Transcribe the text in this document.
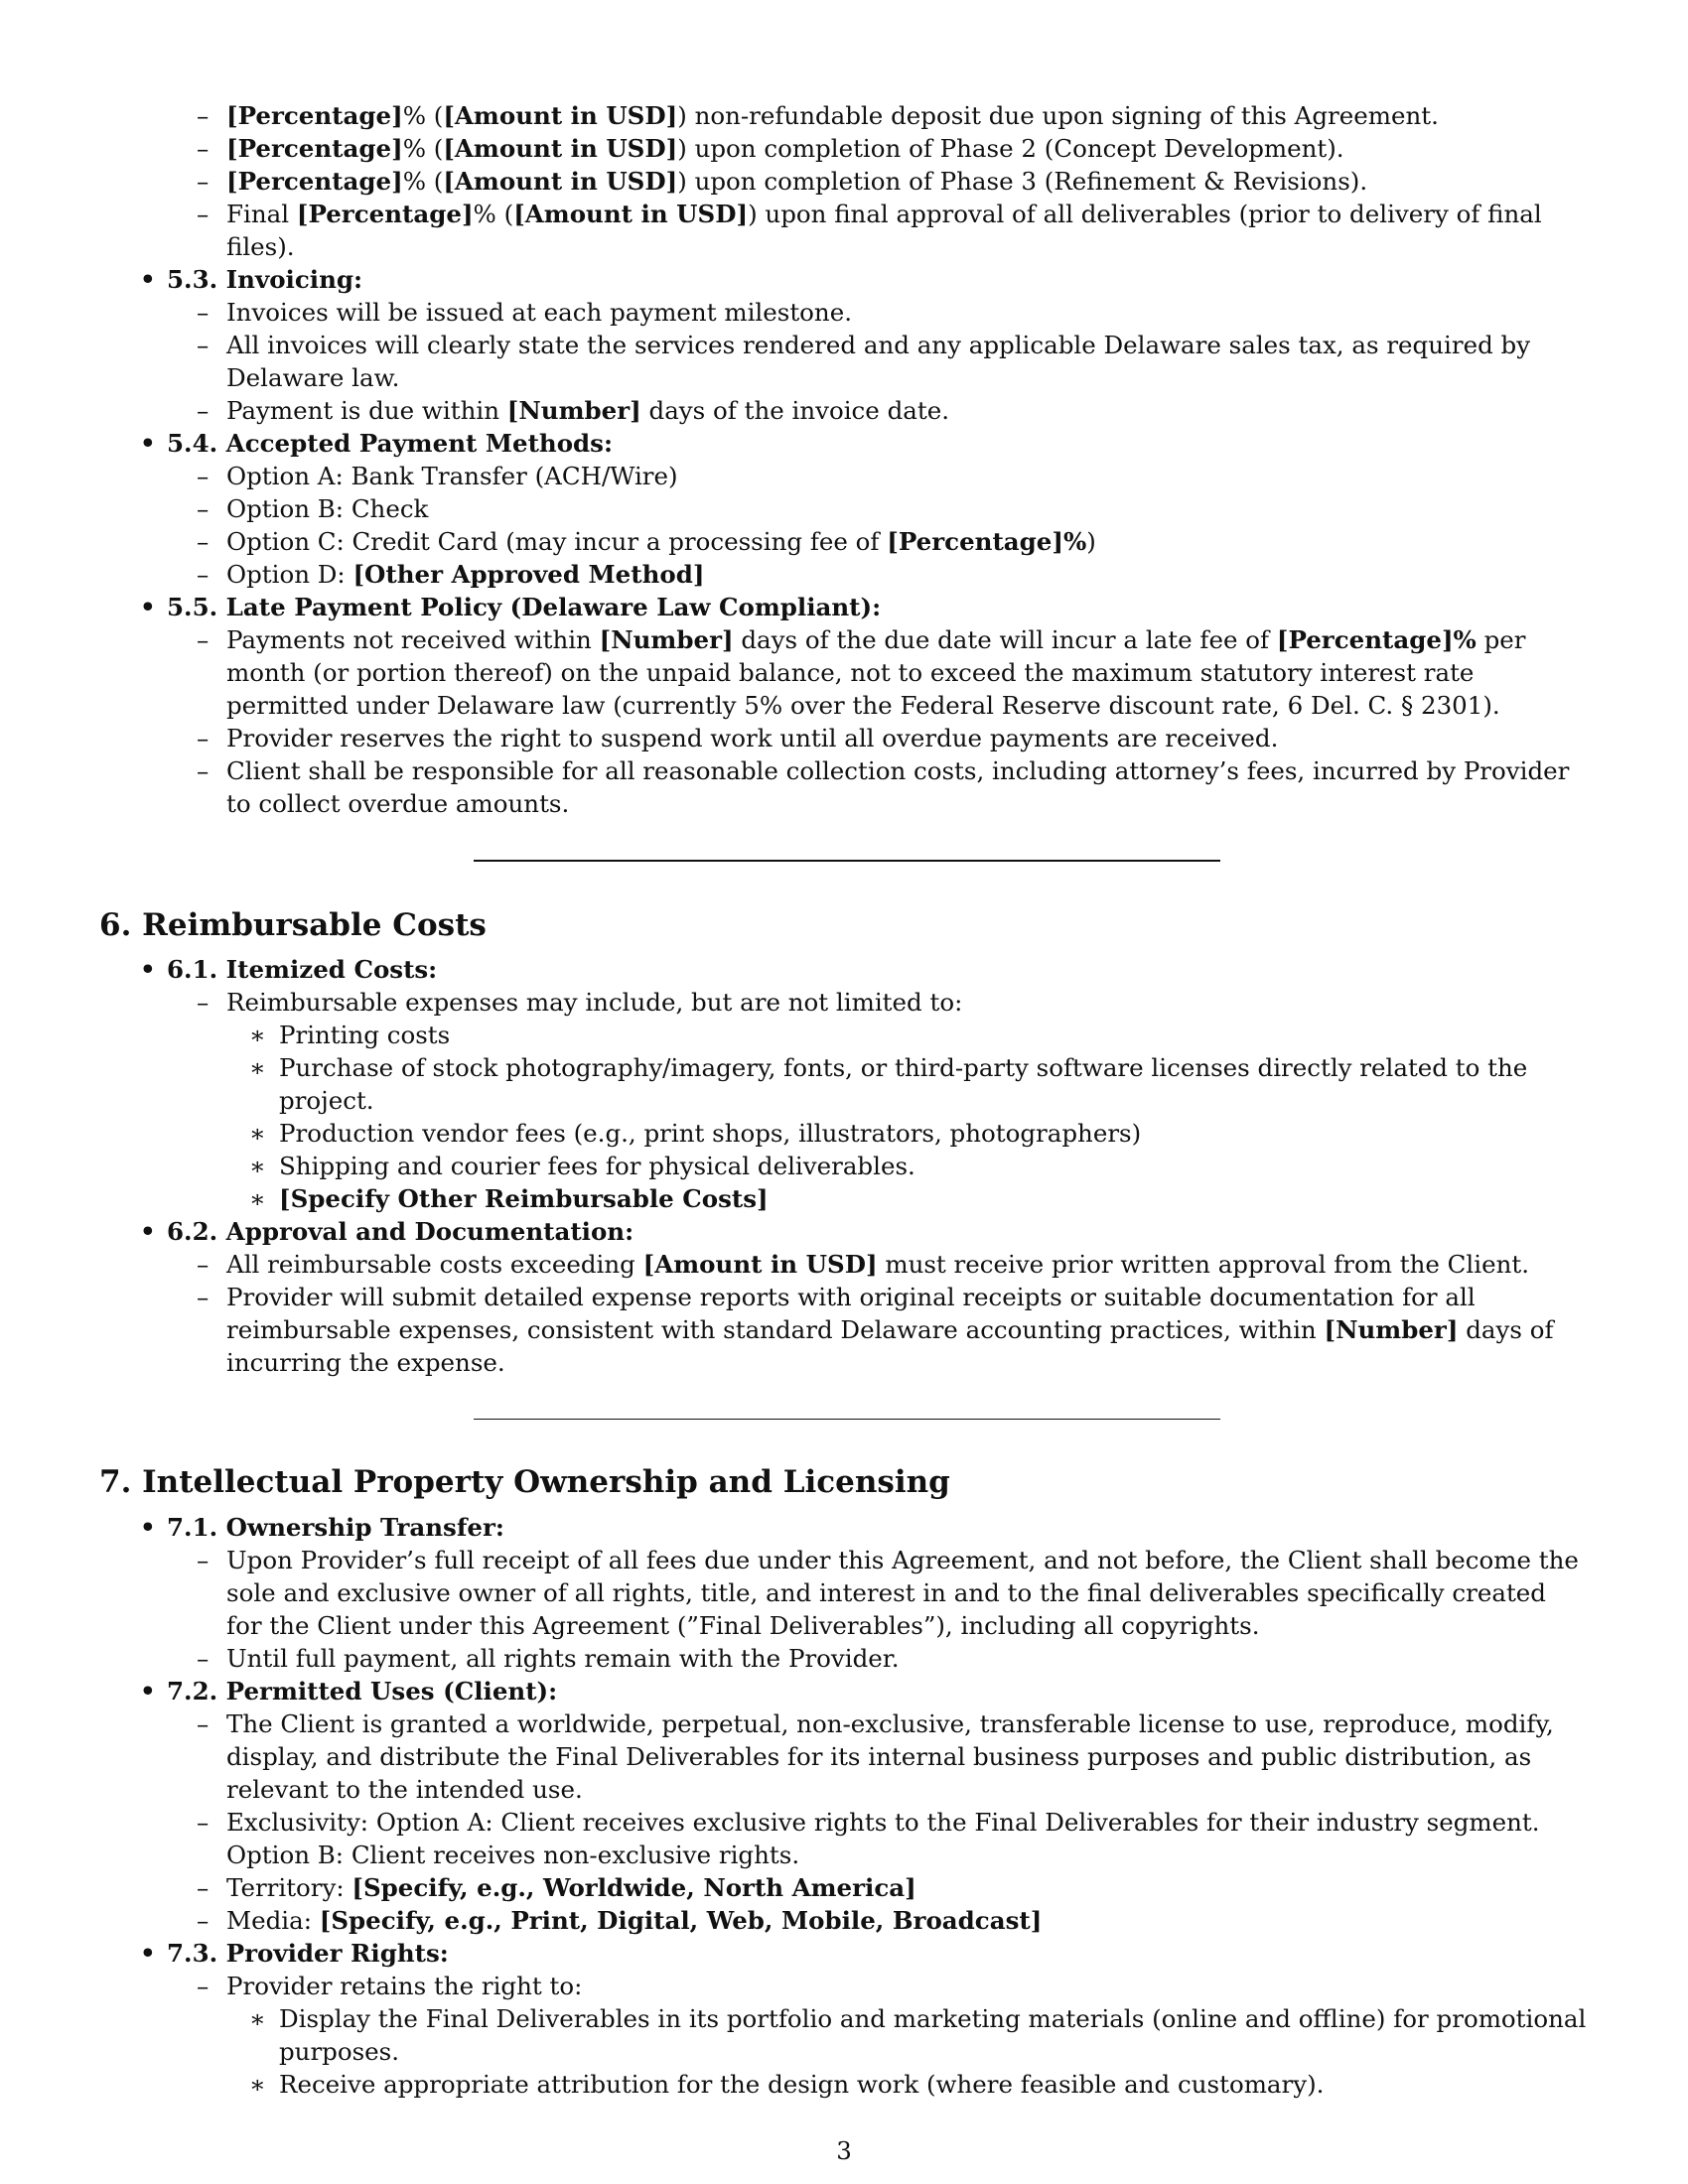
– [Percentage]% ([Amount in USD]) non-refundable deposit due upon signing of this Agreement.
– [Percentage]% ([Amount in USD]) upon completion of Phase 2 (Concept Development).
– [Percentage]% ([Amount in USD]) upon completion of Phase 3 (Refinement & Revisions).
– Final [Percentage]% ([Amount in USD]) upon final approval of all deliverables (prior to delivery of final files).
• 5.3. Invoicing:
– Invoices will be issued at each payment milestone.
– All invoices will clearly state the services rendered and any applicable Delaware sales tax, as required by Delaware law.
– Payment is due within [Number] days of the invoice date.
• 5.4. Accepted Payment Methods:
– Option A: Bank Transfer (ACH/Wire)
– Option B: Check
– Option C: Credit Card (may incur a processing fee of [Percentage]%)
– Option D: [Other Approved Method]
• 5.5. Late Payment Policy (Delaware Law Compliant):
– Payments not received within [Number] days of the due date will incur a late fee of [Percentage]% per month (or portion thereof) on the unpaid balance, not to exceed the maximum statutory interest rate permitted under Delaware law (currently 5% over the Federal Reserve discount rate, 6 Del. C. § 2301).
– Provider reserves the right to suspend work until all overdue payments are received.
– Client shall be responsible for all reasonable collection costs, including attorney’s fees, incurred by Provider to collect overdue amounts.
6. Reimbursable Costs
• 6.1. Itemized Costs:
– Reimbursable expenses may include, but are not limited to:
∗ Printing costs
∗ Purchase of stock photography/imagery, fonts, or third-party software licenses directly related to the project.
∗ Production vendor fees (e.g., print shops, illustrators, photographers)
∗ Shipping and courier fees for physical deliverables.
∗ [Specify Other Reimbursable Costs]
• 6.2. Approval and Documentation:
– All reimbursable costs exceeding [Amount in USD] must receive prior written approval from the Client.
– Provider will submit detailed expense reports with original receipts or suitable documentation for all reimbursable expenses, consistent with standard Delaware accounting practices, within [Number] days of incurring the expense.
7. Intellectual Property Ownership and Licensing
• 7.1. Ownership Transfer:
– Upon Provider’s full receipt of all fees due under this Agreement, and not before, the Client shall become the sole and exclusive owner of all rights, title, and interest in and to the final deliverables specifically created for the Client under this Agreement (”Final Deliverables”), including all copyrights.
– Until full payment, all rights remain with the Provider.
• 7.2. Permitted Uses (Client):
– The Client is granted a worldwide, perpetual, non-exclusive, transferable license to use, reproduce, modify, display, and distribute the Final Deliverables for its internal business purposes and public distribution, as relevant to the intended use.
– Exclusivity: Option A: Client receives exclusive rights to the Final Deliverables for their industry segment. Option B: Client receives non-exclusive rights.
– Territory: [Specify, e.g., Worldwide, North America]
– Media: [Specify, e.g., Print, Digital, Web, Mobile, Broadcast]
• 7.3. Provider Rights:
– Provider retains the right to:
∗ Display the Final Deliverables in its portfolio and marketing materials (online and offline) for promotional purposes.
∗ Receive appropriate attribution for the design work (where feasible and customary).
3
